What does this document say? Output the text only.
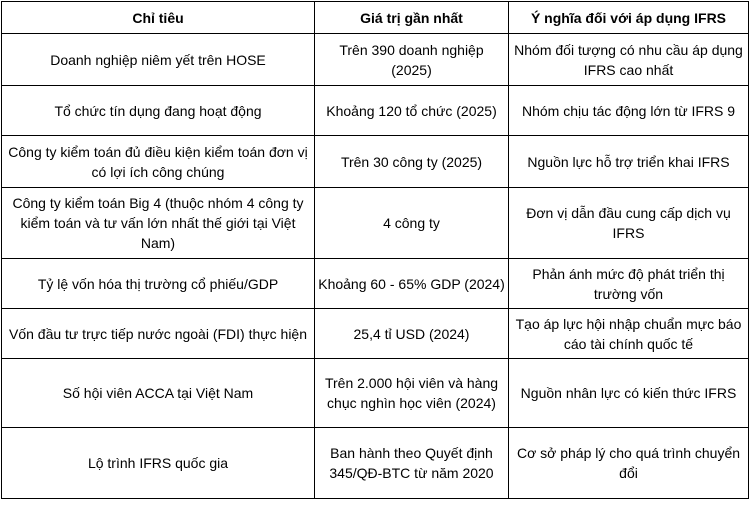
Chỉ tiêu	Giá trị gần nhất	Ý nghĩa đối với áp dụng IFRS
Doanh nghiệp niêm yết trên HOSE	Trên 390 doanh nghiệp (2025)	Nhóm đối tượng có nhu cầu áp dụng IFRS cao nhất
Tổ chức tín dụng đang hoạt động	Khoảng 120 tổ chức (2025)	Nhóm chịu tác động lớn từ IFRS 9
Công ty kiểm toán đủ điều kiện kiểm toán đơn vị có lợi ích công chúng	Trên 30 công ty (2025)	Nguồn lực hỗ trợ triển khai IFRS
Công ty kiểm toán Big 4 (thuộc nhóm 4 công ty kiểm toán và tư vấn lớn nhất thế giới tại Việt Nam)	4 công ty	Đơn vị dẫn đầu cung cấp dịch vụ IFRS
Tỷ lệ vốn hóa thị trường cổ phiếu/GDP	Khoảng 60 - 65% GDP (2024)	Phản ánh mức độ phát triển thị trường vốn
Vốn đầu tư trực tiếp nước ngoài (FDI) thực hiện	25,4 tỉ USD (2024)	Tạo áp lực hội nhập chuẩn mực báo cáo tài chính quốc tế
Số hội viên ACCA tại Việt Nam	Trên 2.000 hội viên và hàng chục nghìn học viên (2024)	Nguồn nhân lực có kiến thức IFRS
Lộ trình IFRS quốc gia	Ban hành theo Quyết định 345/QĐ-BTC từ năm 2020	Cơ sở pháp lý cho quá trình chuyển đổi
